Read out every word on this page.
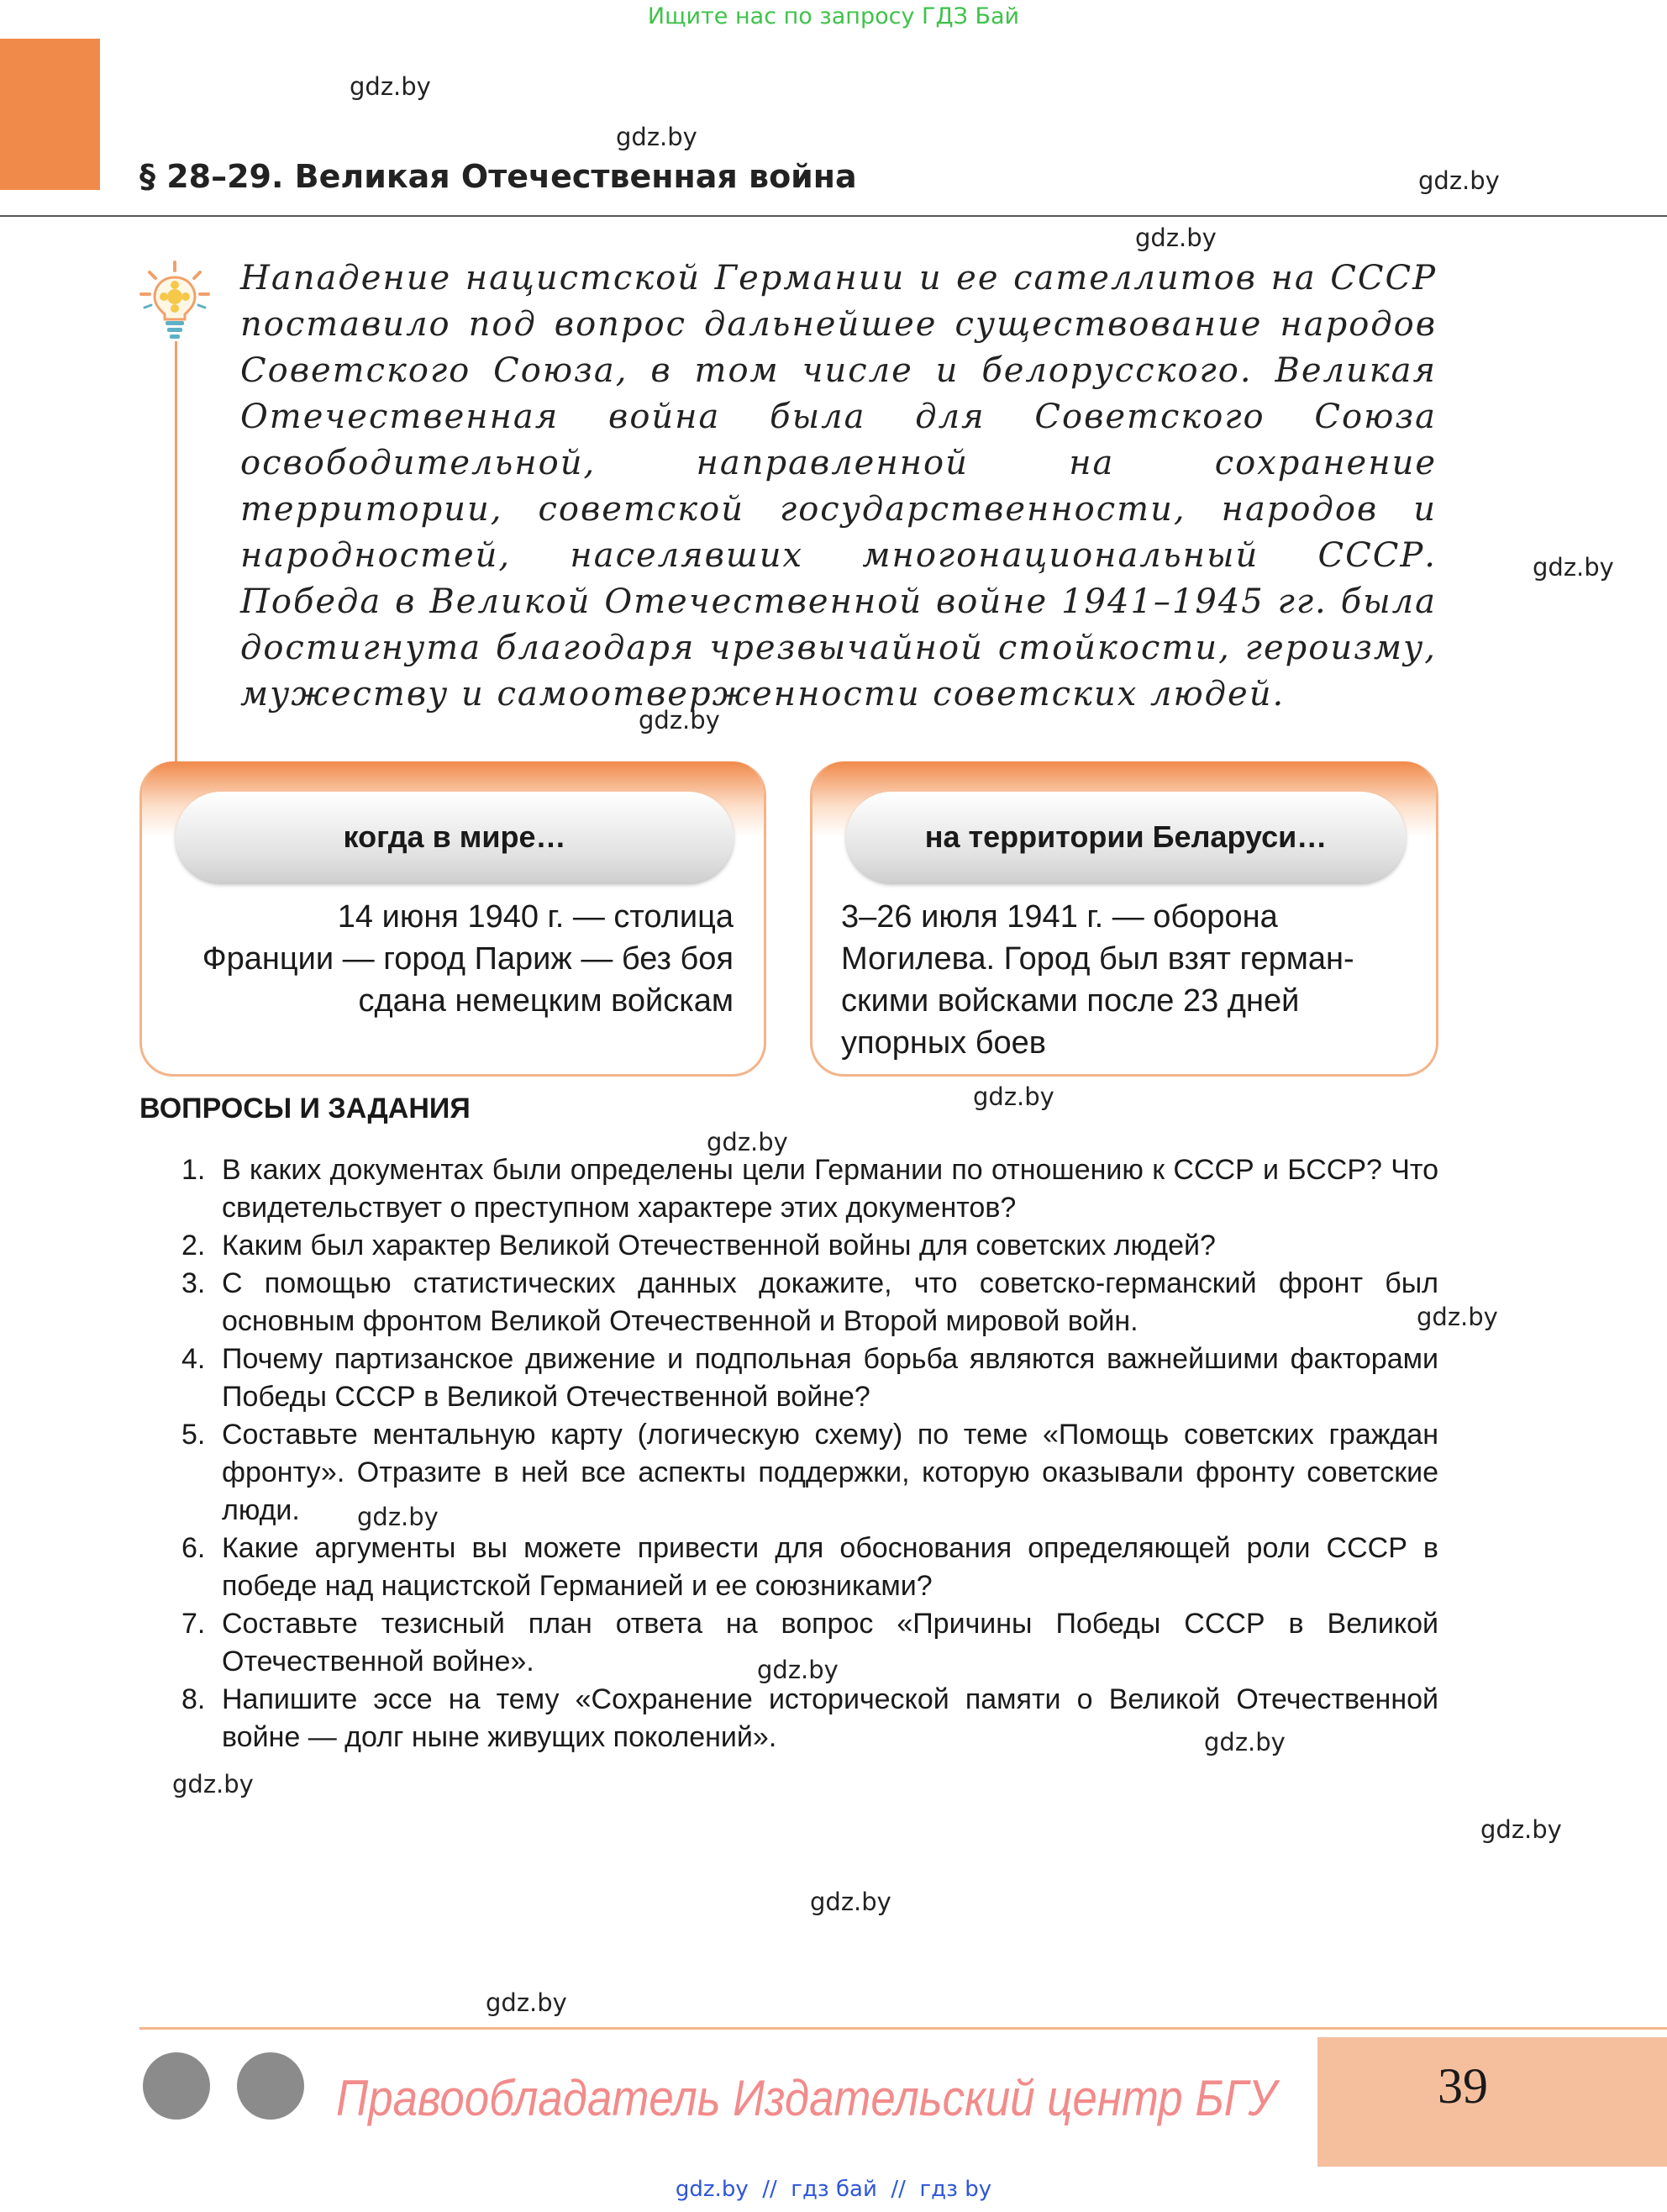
Ищите нас по запросу ГДЗ Бай
§ 28–29. Великая Отечественная война
gdz.by
gdz.by
gdz.by
gdz.by
gdz.by
gdz.by
gdz.by
gdz.by
gdz.by
gdz.by
gdz.by
gdz.by
gdz.by
gdz.by
gdz.by
gdz.by
Нападение нацистской Германии и ее сателлитов на СССР поставило под вопрос дальнейшее существование народов Советского Союза, в том числе и белорусского. Великая Отечественная война была для Советского Союза освободительной, направленной на сохранение территории, советской государственности, народов и народностей, населявших многонациональный СССР. Победа в Великой Отечественной войне 1941–1945 гг. была достигнута благодаря чрезвычайной стойкости, героизму, мужеству и самоотверженности советских людей.
когда в мире…
14 июня 1940 г. — столица
Франции — город Париж — без боя
сдана немецким войскам
на территории Беларуси…
3–26 июля 1941 г. — оборона
Могилева. Город был взят герман-
скими войсками после 23 дней
упорных боев
ВОПРОСЫ И ЗАДАНИЯ
1. В каких документах были определены цели Германии по отношению к СССР и БССР? Что свидетельствует о преступном характере этих документов?
2. Каким был характер Великой Отечественной войны для советских людей?
3. С помощью статистических данных докажите, что советско-германский фронт был основным фронтом Великой Отечественной и Второй мировой войн.
4. Почему партизанское движение и подпольная борьба являются важнейшими факторами Победы СССР в Великой Отечественной войне?
5. Составьте ментальную карту (логическую схему) по теме «Помощь советских граждан фронту». Отразите в ней все аспекты поддержки, которую оказывали фронту советские люди.
6. Какие аргументы вы можете привести для обоснования определяющей роли СССР в победе над нацистской Германией и ее союзниками?
7. Составьте тезисный план ответа на вопрос «Причины Победы СССР в Великой Отечественной войне».
8. Напишите эссе на тему «Сохранение исторической памяти о Великой Отечественной войне — долг ныне живущих поколений».
Правообладатель Издательский центр БГУ	39
gdz.by  //  гдз бай  //  гдз by
